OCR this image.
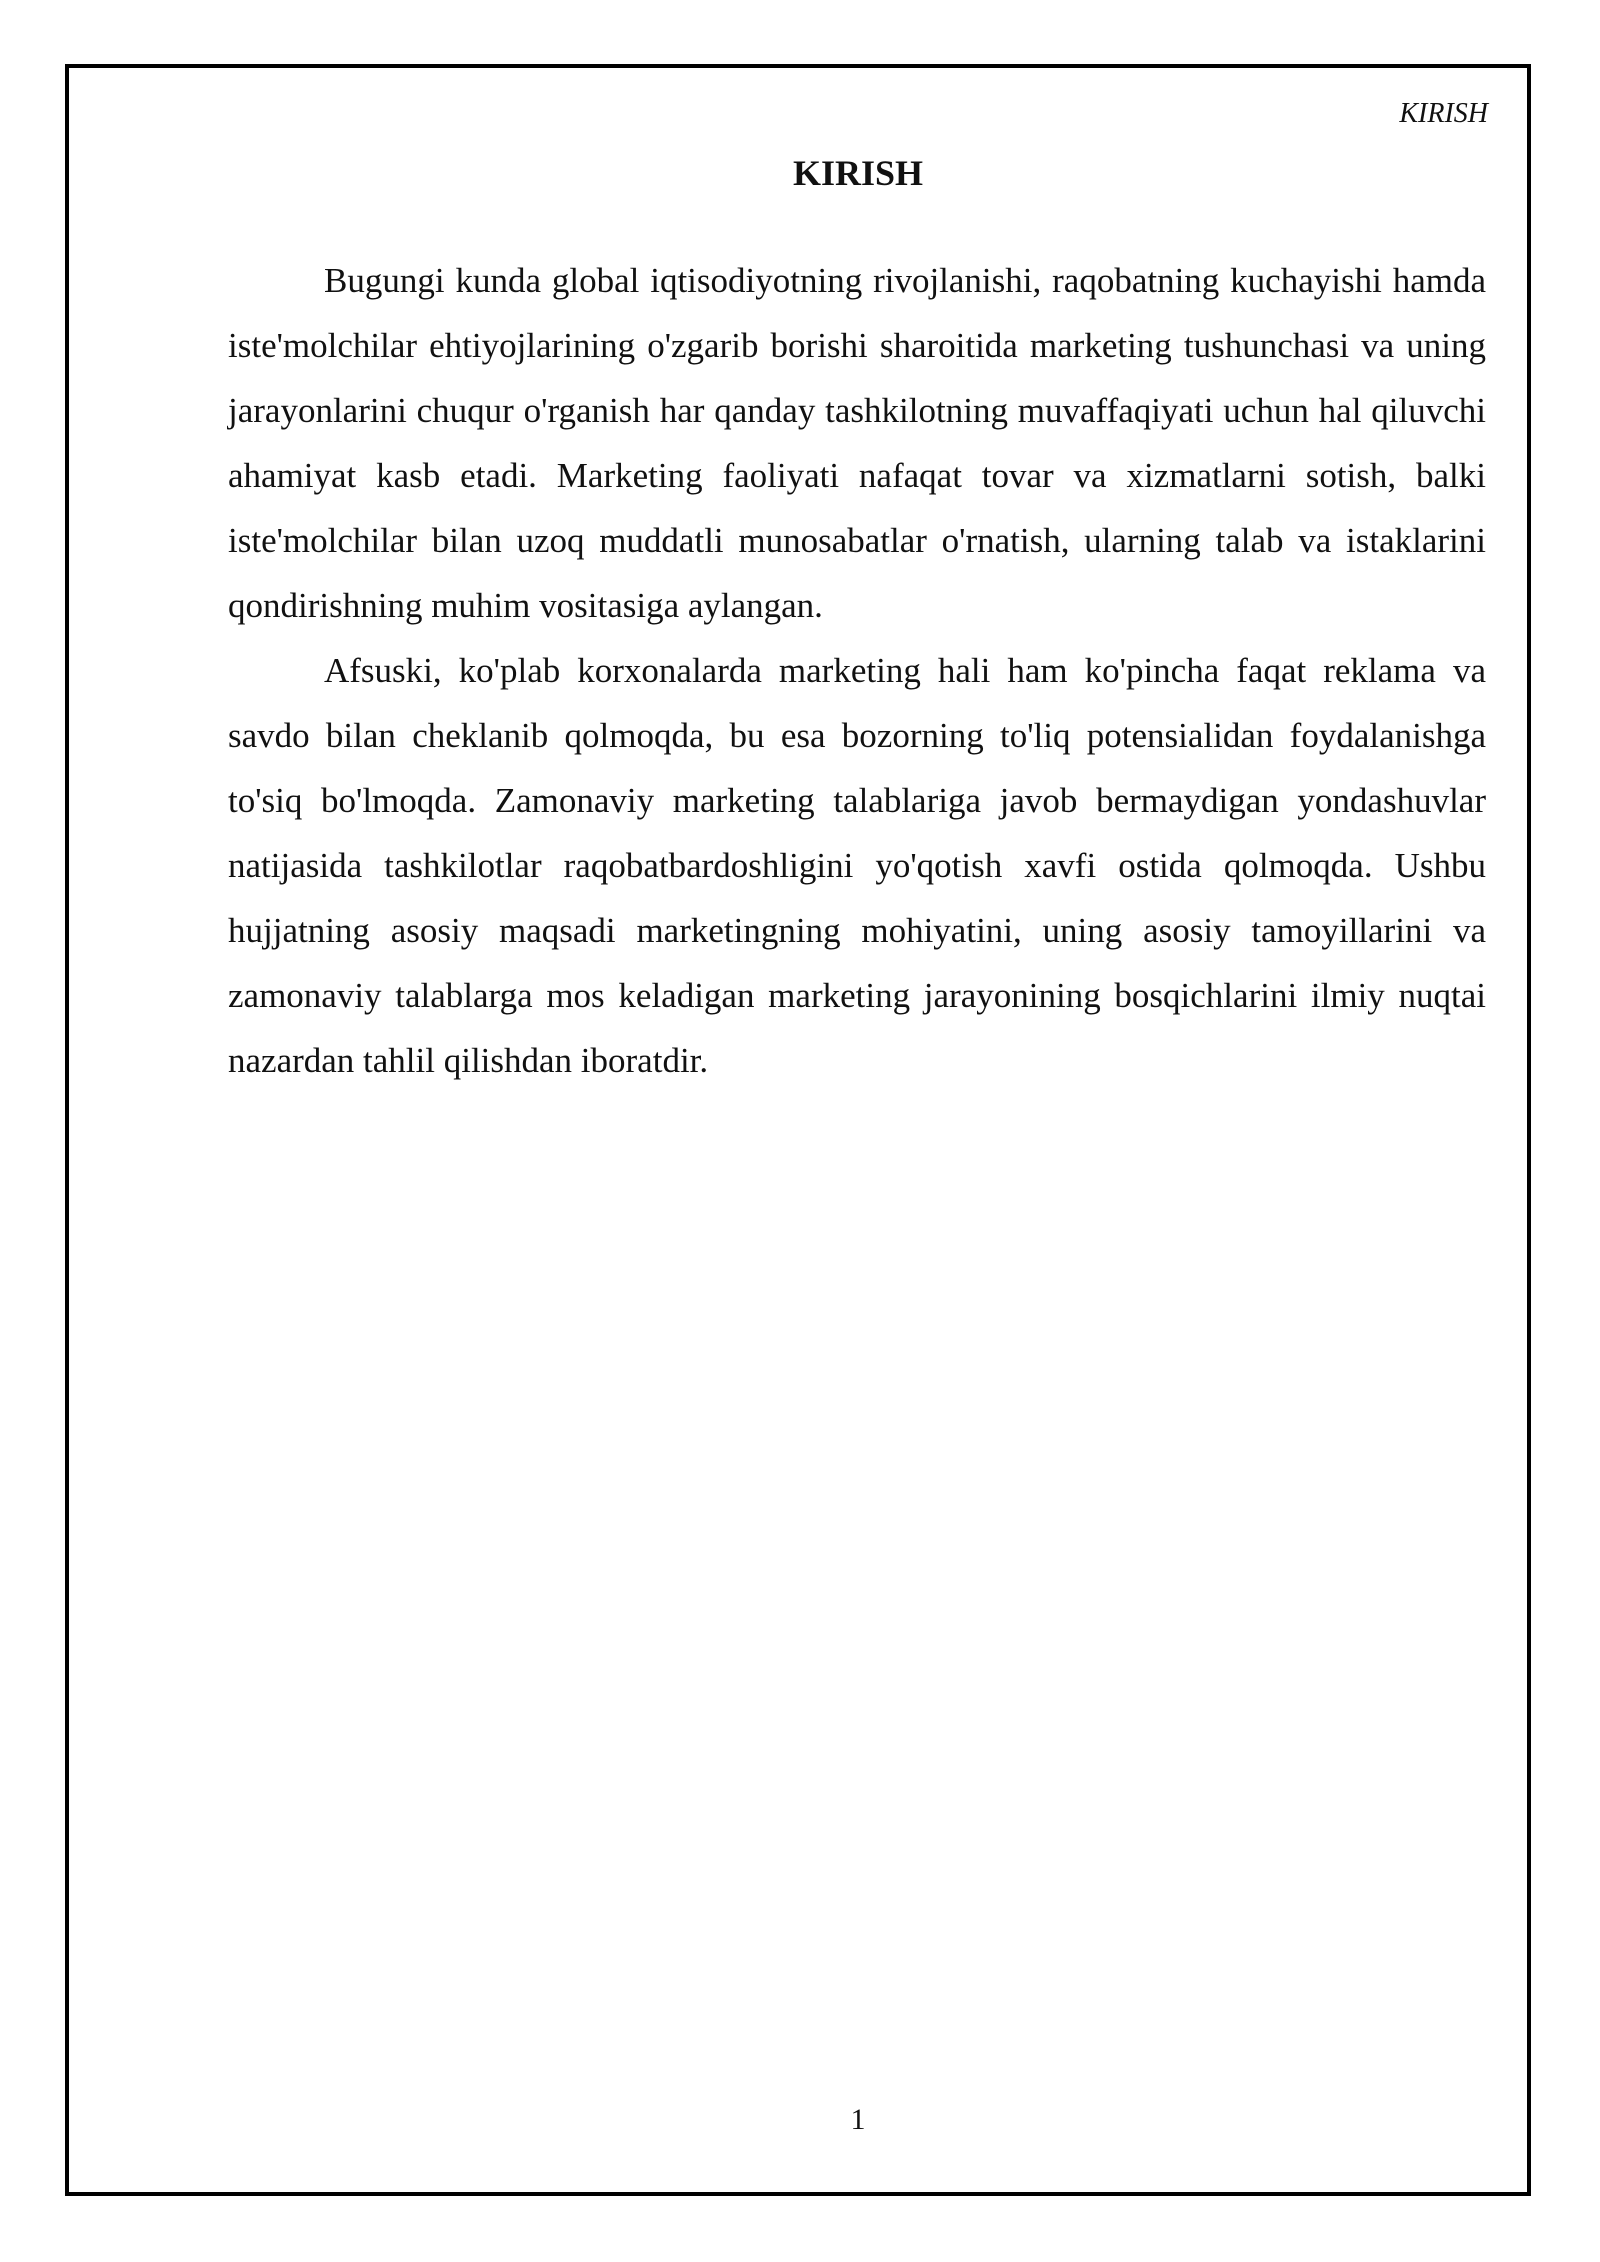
KIRISH
KIRISH

Bugungi kunda global iqtisodiyotning rivojlanishi, raqobatning kuchayishi hamda iste'molchilar ehtiyojlarining o'zgarib borishi sharoitida marketing tushunchasi va uning jarayonlarini chuqur o'rganish har qanday tashkilotning muvaffaqiyati uchun hal qiluvchi ahamiyat kasb etadi. Marketing faoliyati nafaqat tovar va xizmatlarni sotish, balki iste'molchilar bilan uzoq muddatli munosabatlar o'rnatish, ularning talab va istaklarini qondirishning muhim vositasiga aylangan.

Afsuski, ko'plab korxonalarda marketing hali ham ko'pincha faqat reklama va savdo bilan cheklanib qolmoqda, bu esa bozorning to'liq potensialidan foydalanishga to'siq bo'lmoqda. Zamonaviy marketing talablariga javob bermaydigan yondashuvlar natijasida tashkilotlar raqobatbardoshligini yo'qotish xavfi ostida qolmoqda. Ushbu hujjatning asosiy maqsadi marketingning mohiyatini, uning asosiy tamoyillarini va zamonaviy talablarga mos keladigan marketing jarayonining bosqichlarini ilmiy nuqtai nazardan tahlil qilishdan iboratdir.

1
